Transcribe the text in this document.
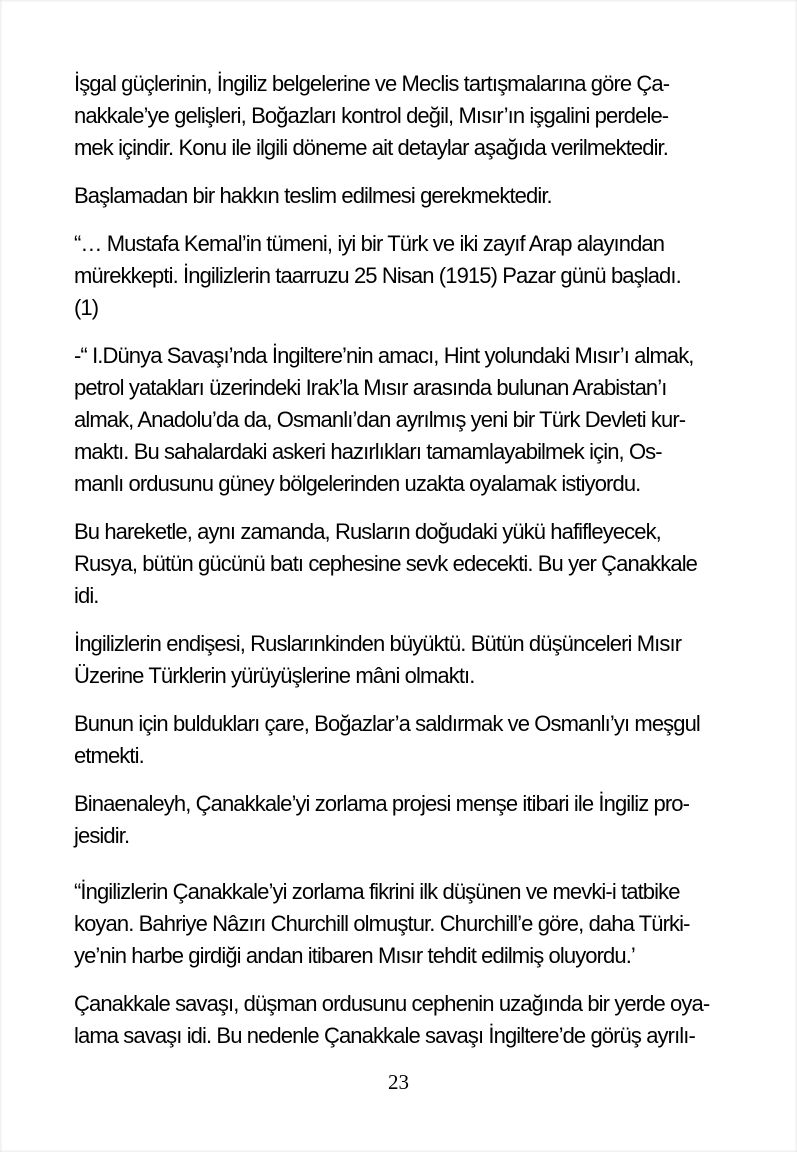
İşgal güçlerinin, İngiliz belgelerine ve Meclis tartışmalarına göre Ça-
nakkale’ye gelişleri, Boğazları kontrol değil, Mısır’ın işgalini perdele-
mek içindir. Konu ile ilgili döneme ait detaylar aşağıda verilmektedir.
Başlamadan bir hakkın teslim edilmesi gerekmektedir.
“… Mustafa Kemal’in tümeni, iyi bir Türk ve iki zayıf Arap alayından
mürekkepti. İngilizlerin taarruzu 25 Nisan (1915) Pazar günü başladı.
(1)
-“ I.Dünya Savaşı’nda İngiltere’nin amacı, Hint yolundaki Mısır’ı almak,
petrol yatakları üzerindeki Irak’la Mısır arasında bulunan Arabistan’ı
almak, Anadolu’da da, Osmanlı’dan ayrılmış yeni bir Türk Devleti kur-
maktı. Bu sahalardaki askeri hazırlıkları tamamlayabilmek için, Os-
manlı ordusunu güney bölgelerinden uzakta oyalamak istiyordu.
Bu hareketle, aynı zamanda, Rusların doğudaki yükü hafifleyecek,
Rusya, bütün gücünü batı cephesine sevk edecekti. Bu yer Çanakkale
idi.
İngilizlerin endişesi, Ruslarınkinden büyüktü. Bütün düşünceleri Mısır
Üzerine Türklerin yürüyüşlerine mâni olmaktı.
Bunun için buldukları çare, Boğazlar’a saldırmak ve Osmanlı’yı meşgul
etmekti.
Binaenaleyh, Çanakkale’yi zorlama projesi menşe itibari ile İngiliz pro-
jesidir.
“İngilizlerin Çanakkale’yi zorlama fikrini ilk düşünen ve mevki-i tatbike
koyan. Bahriye Nâzırı Churchill olmuştur. Churchill’e göre, daha Türki-
ye’nin harbe girdiği andan itibaren Mısır tehdit edilmiş oluyordu.’
Çanakkale savaşı, düşman ordusunu cephenin uzağında bir yerde oya-
lama savaşı idi. Bu nedenle Çanakkale savaşı İngiltere’de görüş ayrılı-
23
